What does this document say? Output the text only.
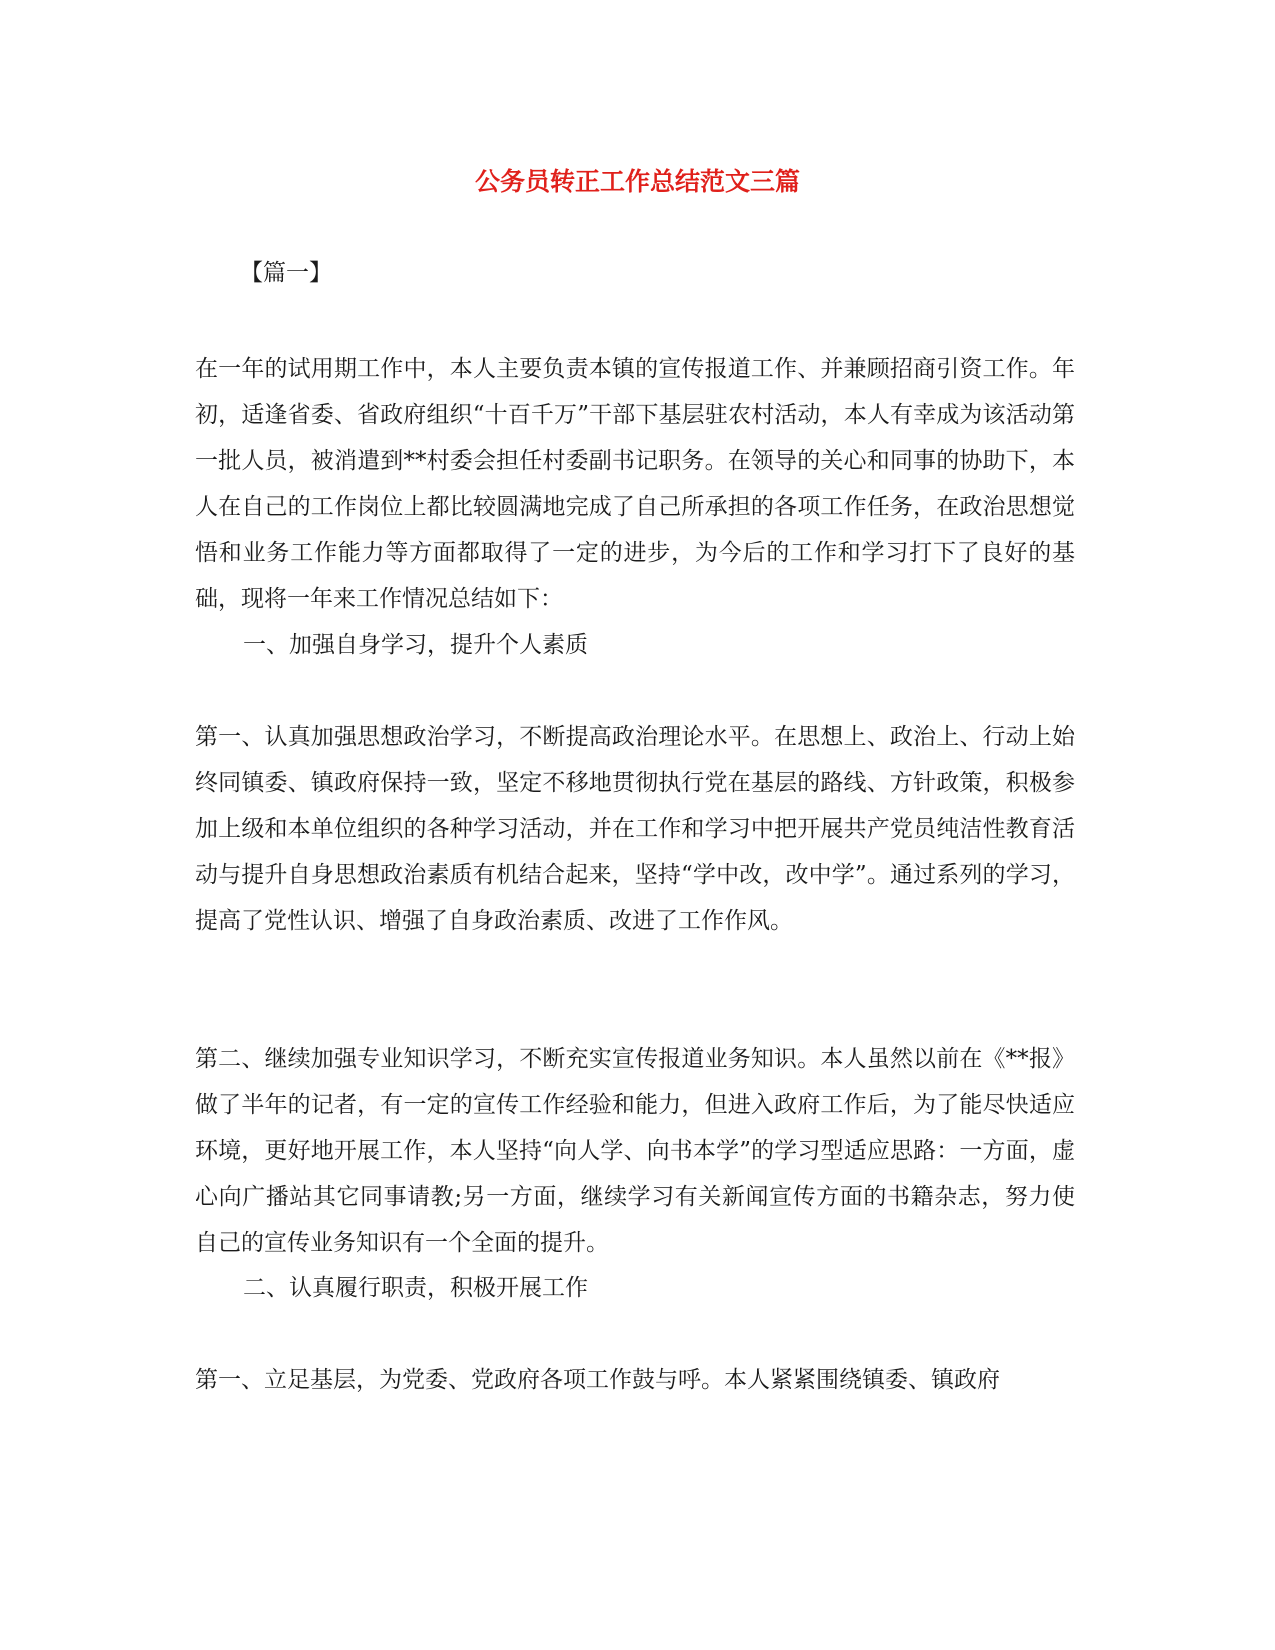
公务员转正工作总结范文三篇
【篇一】

在一年的试用期工作中，本人主要负责本镇的宣传报道工作、并兼顾招商引资工作。年初，适逢省委、省政府组织“十百千万”干部下基层驻农村活动，本人有幸成为该活动第一批人员，被消遣到**村委会担任村委副书记职务。在领导的关心和同事的协助下，本人在自己的工作岗位上都比较圆满地完成了自己所承担的各项工作任务，在政治思想觉悟和业务工作能力等方面都取得了一定的进步，为今后的工作和学习打下了良好的基础，现将一年来工作情况总结如下：

一、加强自身学习，提升个人素质

第一、认真加强思想政治学习，不断提高政治理论水平。在思想上、政治上、行动上始终同镇委、镇政府保持一致，坚定不移地贯彻执行党在基层的路线、方针政策，积极参加上级和本单位组织的各种学习活动，并在工作和学习中把开展共产党员纯洁性教育活动与提升自身思想政治素质有机结合起来，坚持“学中改，改中学”。通过系列的学习，提高了党性认识、增强了自身政治素质、改进了工作作风。

第二、继续加强专业知识学习，不断充实宣传报道业务知识。本人虽然以前在《**报》做了半年的记者，有一定的宣传工作经验和能力，但进入政府工作后，为了能尽快适应环境，更好地开展工作，本人坚持“向人学、向书本学”的学习型适应思路：一方面，虚心向广播站其它同事请教;另一方面，继续学习有关新闻宣传方面的书籍杂志，努力使自己的宣传业务知识有一个全面的提升。

二、认真履行职责，积极开展工作

第一、立足基层，为党委、党政府各项工作鼓与呼。本人紧紧围绕镇委、镇政府
